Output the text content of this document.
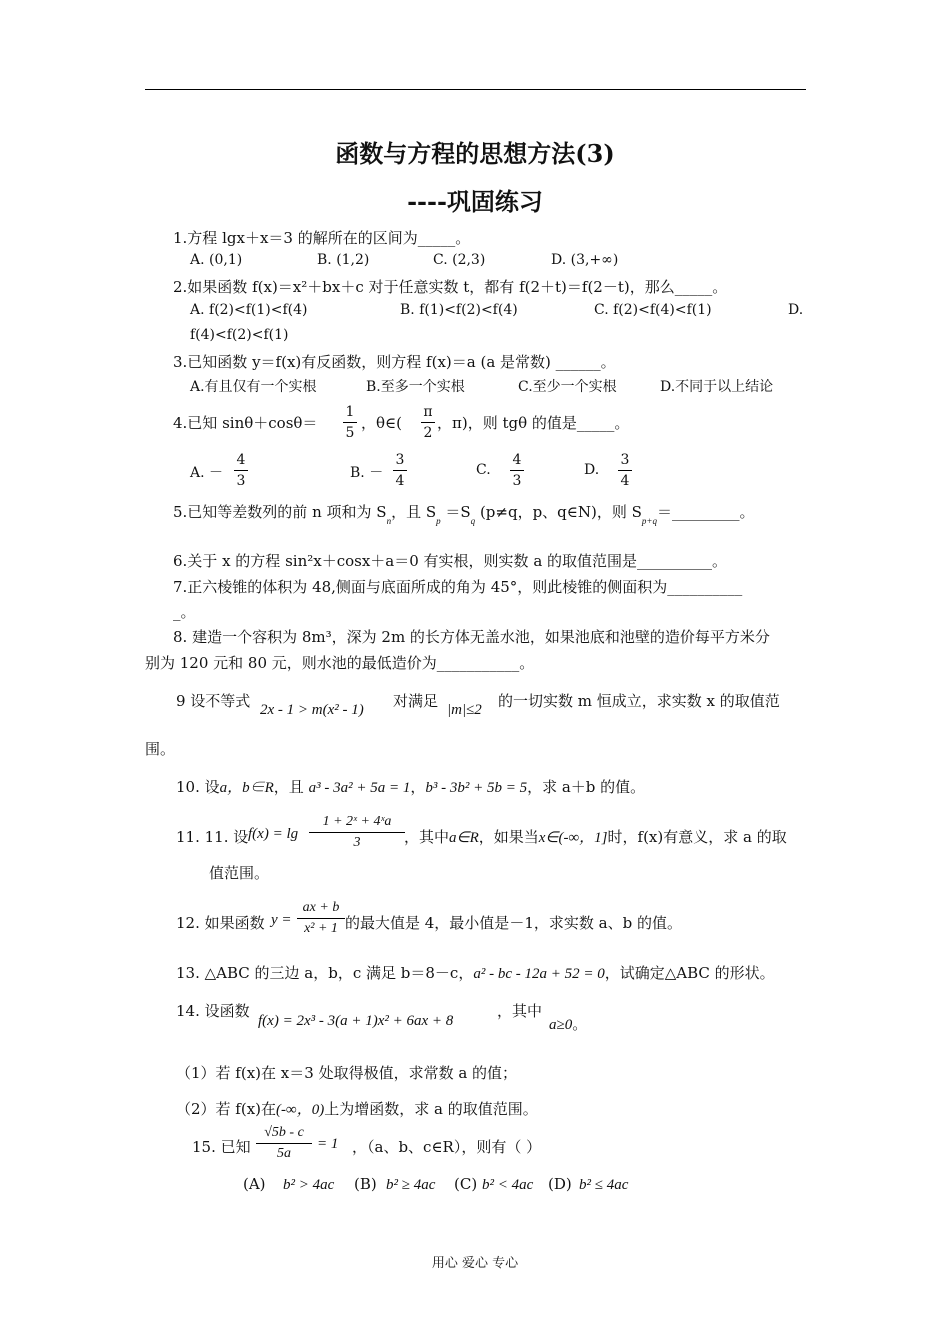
函数与方程的思想方法(3)
----巩固练习
1.方程 lgx＋x＝3 的解所在的区间为_____。
A. (0,1)	B. (1,2)	C. (2,3)	D. (3,+∞)
2.如果函数 f(x)＝x²＋bx＋c 对于任意实数 t，都有 f(2＋t)＝f(2－t)，那么_____。
A. f(2)<f(1)<f(4)	B. f(1)<f(2)<f(4)	C. f(2)<f(4)<f(1)	D.
f(4)<f(2)<f(1)
3.已知函数 y＝f(x)有反函数，则方程 f(x)＝a (a 是常数) ______。
A.有且仅有一个实根	B.至多一个实根	C.至少一个实根	D.不同于以上结论
4.已知 sinθ＋cosθ＝
1
5
，θ∈(
π
2
，π)，则 tgθ 的值是_____。
A. －
4
3	B. －
3
4
C.
4
3
D.
3
4
5.已知等差数列的前 n 项和为 $S_n$，且 $S_p =S_q$ (p≠q，p、q∈N)，则 $S_{p+q}=\_\_\_\_\_\_\_\_\_$。
6.关于 x 的方程 sin²x＋cosx＋a＝0 有实根，则实数 a 的取值范围是__________。
7.正六棱锥的体积为 48,侧面与底面所成的角为 45°，则此棱锥的侧面积为__________
_。
8. 建造一个容积为 8m³，深为 2m 的长方体无盖水池，如果池底和池壁的造价每平方米分
别为 120 元和 80 元，则水池的最低造价为___________。
9 设不等式 2x - 1 > m(x² - 1) 对满足 |m|≤2 的一切实数 m 恒成立，求实数 x 的取值范
围。
10. 设a，b∈R，且 a³ - 3a² + 5a = 1，b³ - 3b² + 5b = 5，求 a＋b 的值。
11. 11. 设 f(x) = lg
1 + 2ˣ + 4ˣa
3	，其中a∈R，如果当x∈(-∞，1]时，f(x)有意义，求 a 的取
值范围。
12. 如果函数 y =
ax + b
x² + 1 的最大值是 4，最小值是－1，求实数 a、b 的值。
13. △ABC 的三边 a，b，c 满足 b＝8－c，a² - bc - 12a + 52 = 0，试确定△ABC 的形状。
14. 设函数
f(x) = 2x³ - 3(a + 1)x² + 6ax + 8
，其中
a≥0。
（1）若 f(x)在 x＝3 处取得极值，求常数 a 的值；
（2）若 f(x)在(-∞，0)上为增函数，求 a 的取值范围。
15. 已知
√5b - c
5a
= 1 ，（a、b、c∈R），则有（ ）
(A) b² > 4ac (B) b² ≥ 4ac (C) b² < 4ac (D) b² ≤ 4ac
用心 爱心 专心
